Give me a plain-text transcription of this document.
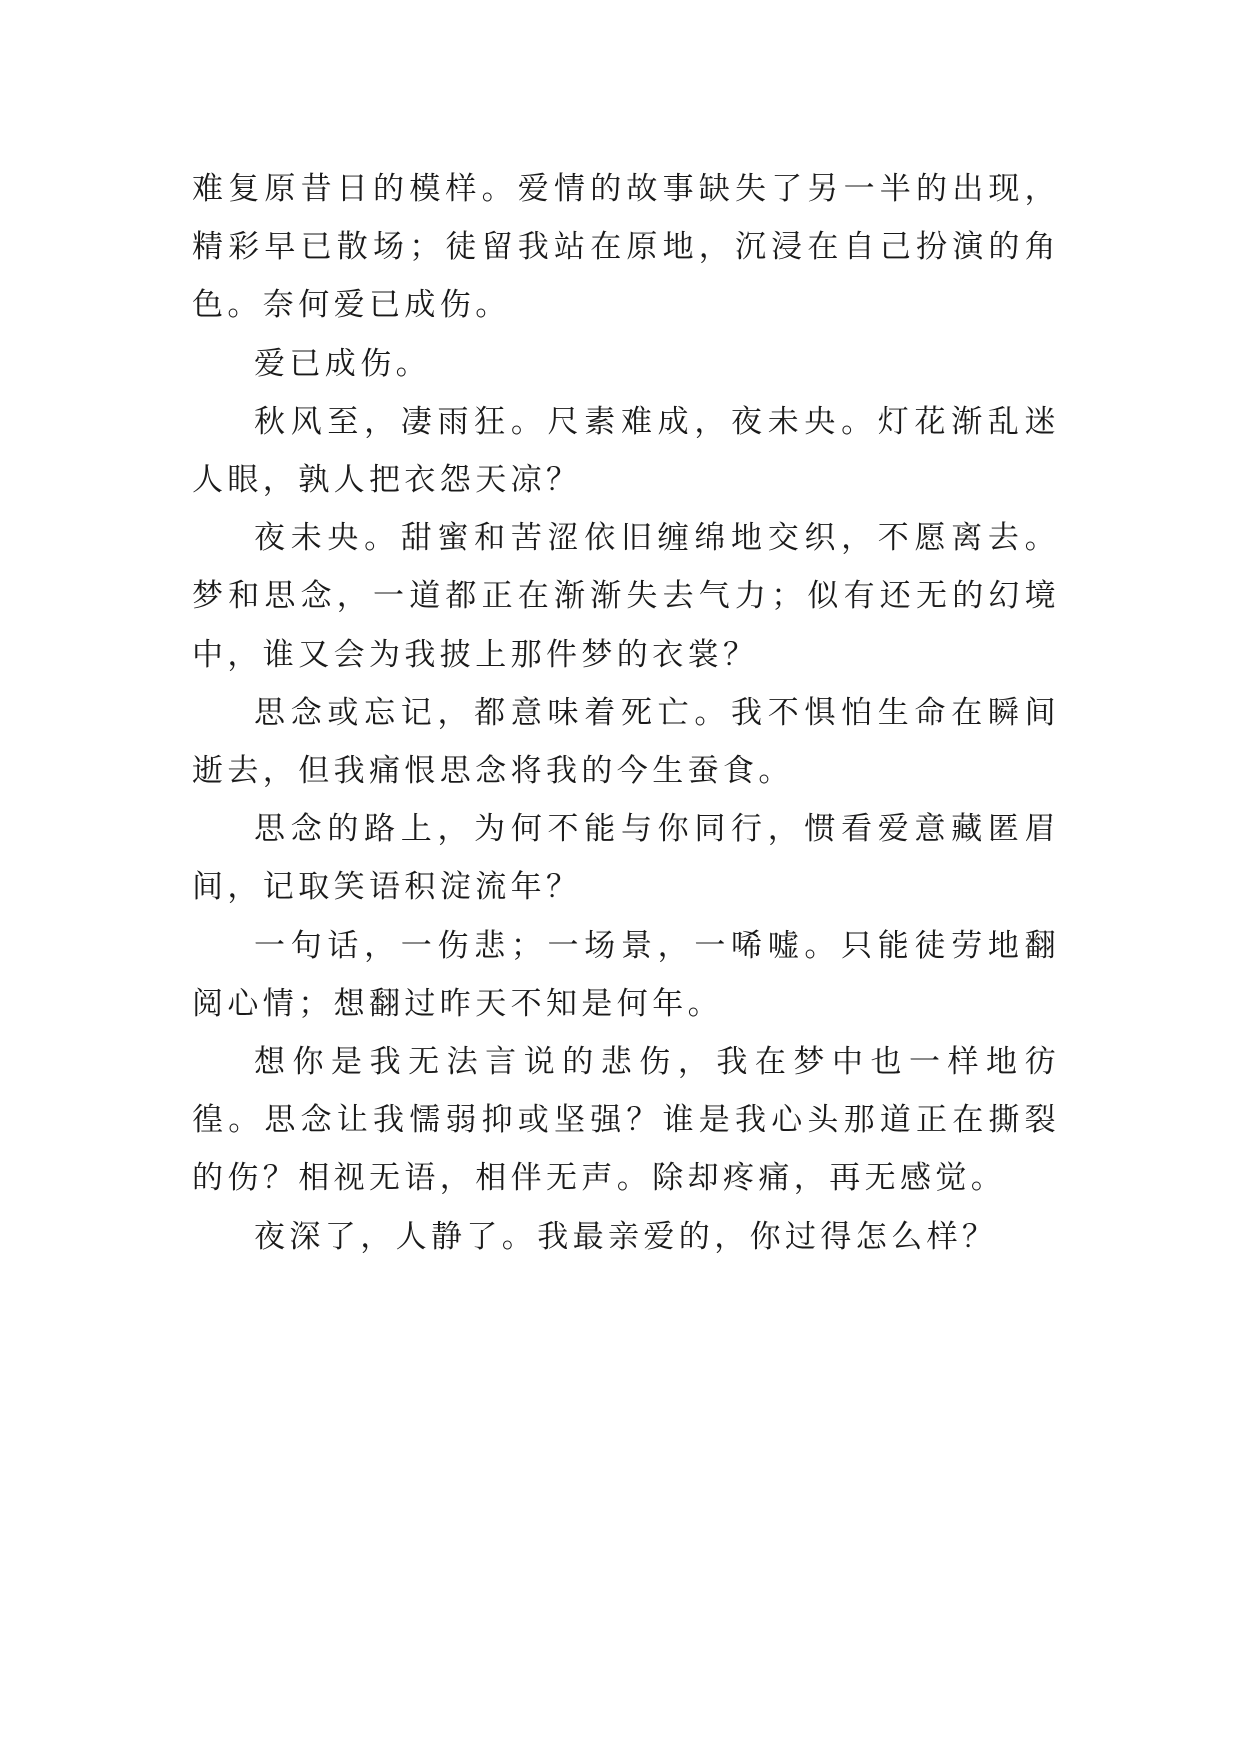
难复原昔日的模样。爱情的故事缺失了另一半的出现，精彩早已散场；徒留我站在原地，沉浸在自己扮演的角色。奈何爱已成伤。

爱已成伤。

秋风至，凄雨狂。尺素难成，夜未央。灯花渐乱迷人眼，孰人把衣怨天凉？

夜未央。甜蜜和苦涩依旧缠绵地交织，不愿离去。梦和思念，一道都正在渐渐失去气力；似有还无的幻境中，谁又会为我披上那件梦的衣裳？

思念或忘记，都意味着死亡。我不惧怕生命在瞬间逝去，但我痛恨思念将我的今生蚕食。

思念的路上，为何不能与你同行，惯看爱意藏匿眉间，记取笑语积淀流年？

一句话，一伤悲；一场景，一唏嘘。只能徒劳地翻阅心情；想翻过昨天不知是何年。

想你是我无法言说的悲伤，我在梦中也一样地彷徨。思念让我懦弱抑或坚强？谁是我心头那道正在撕裂的伤？相视无语，相伴无声。除却疼痛，再无感觉。

夜深了，人静了。我最亲爱的，你过得怎么样？
